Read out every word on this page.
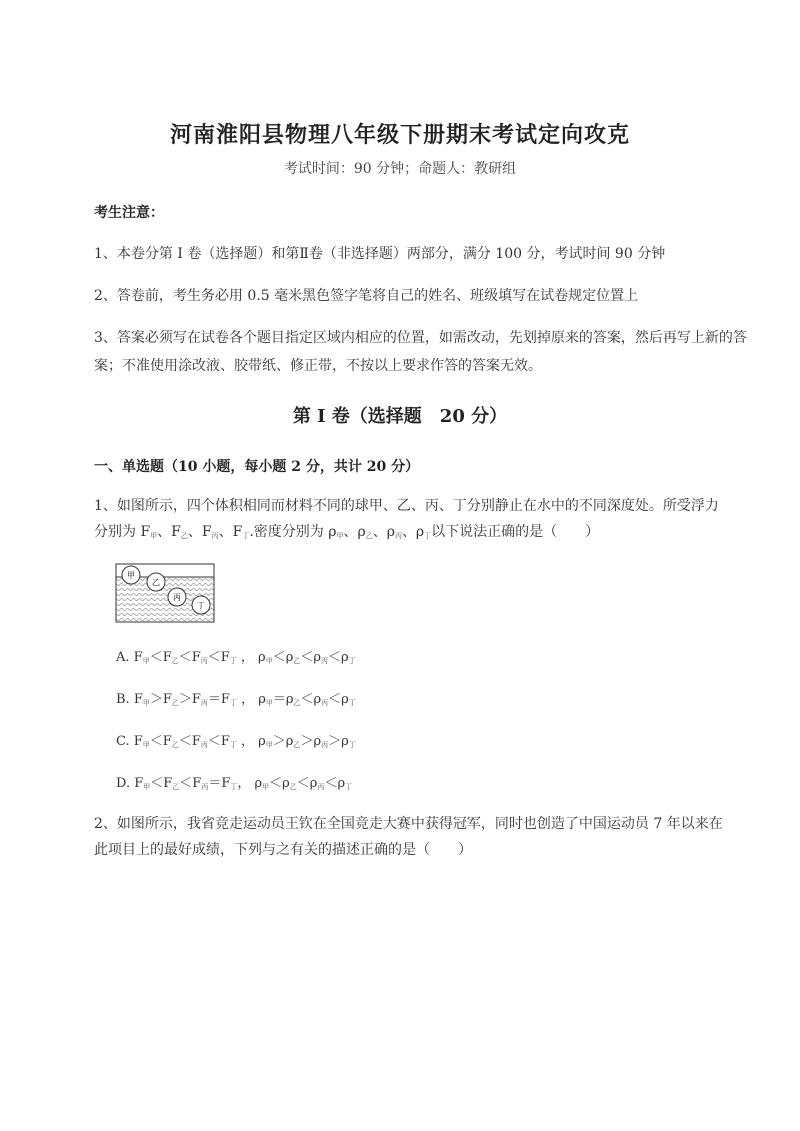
河南淮阳县物理八年级下册期末考试定向攻克
考试时间：90 分钟；命题人：教研组
考生注意：
1、本卷分第 I 卷（选择题）和第Ⅱ卷（非选择题）两部分，满分 100 分，考试时间 90 分钟
2、答卷前，考生务必用 0.5 毫米黑色签字笔将自己的姓名、班级填写在试卷规定位置上
3、答案必须写在试卷各个题目指定区域内相应的位置，如需改动，先划掉原来的答案，然后再写上新的答案；不准使用涂改液、胶带纸、修正带，不按以上要求作答的答案无效。
第 I 卷（选择题　20 分）
一、单选题（10 小题，每小题 2 分，共计 20 分）
1、如图所示，四个体积相同而材料不同的球甲、乙、丙、丁分别静止在水中的不同深度处。所受浮力
分别为 $F_甲$、$F_乙$、$F_丙$、$F_丁$.密度分别为 $\rho_甲$、$\rho_乙$、$\rho_丙$、$\rho_丁$以下说法正确的是（　　）
甲
乙
丙
丁
A. $F_甲<F_乙<F_丙<F_丁$ ， $\rho_甲<\rho_乙<\rho_丙<\rho_丁$
B. $F_甲>F_乙>F_丙=F_丁$ ， $\rho_甲=\rho_乙<\rho_丙<\rho_丁$
C. $F_甲<F_乙<F_丙<F_丁$ ， $\rho_甲>\rho_乙>\rho_丙>\rho_丁$
D. $F_甲<F_乙<F_丙=F_丁$， $\rho_甲<\rho_乙<\rho_丙<\rho_丁$
2、如图所示，我省竞走运动员王钦在全国竞走大赛中获得冠军，同时也创造了中国运动员 7 年以来在
此项目上的最好成绩，下列与之有关的描述正确的是（　　）
